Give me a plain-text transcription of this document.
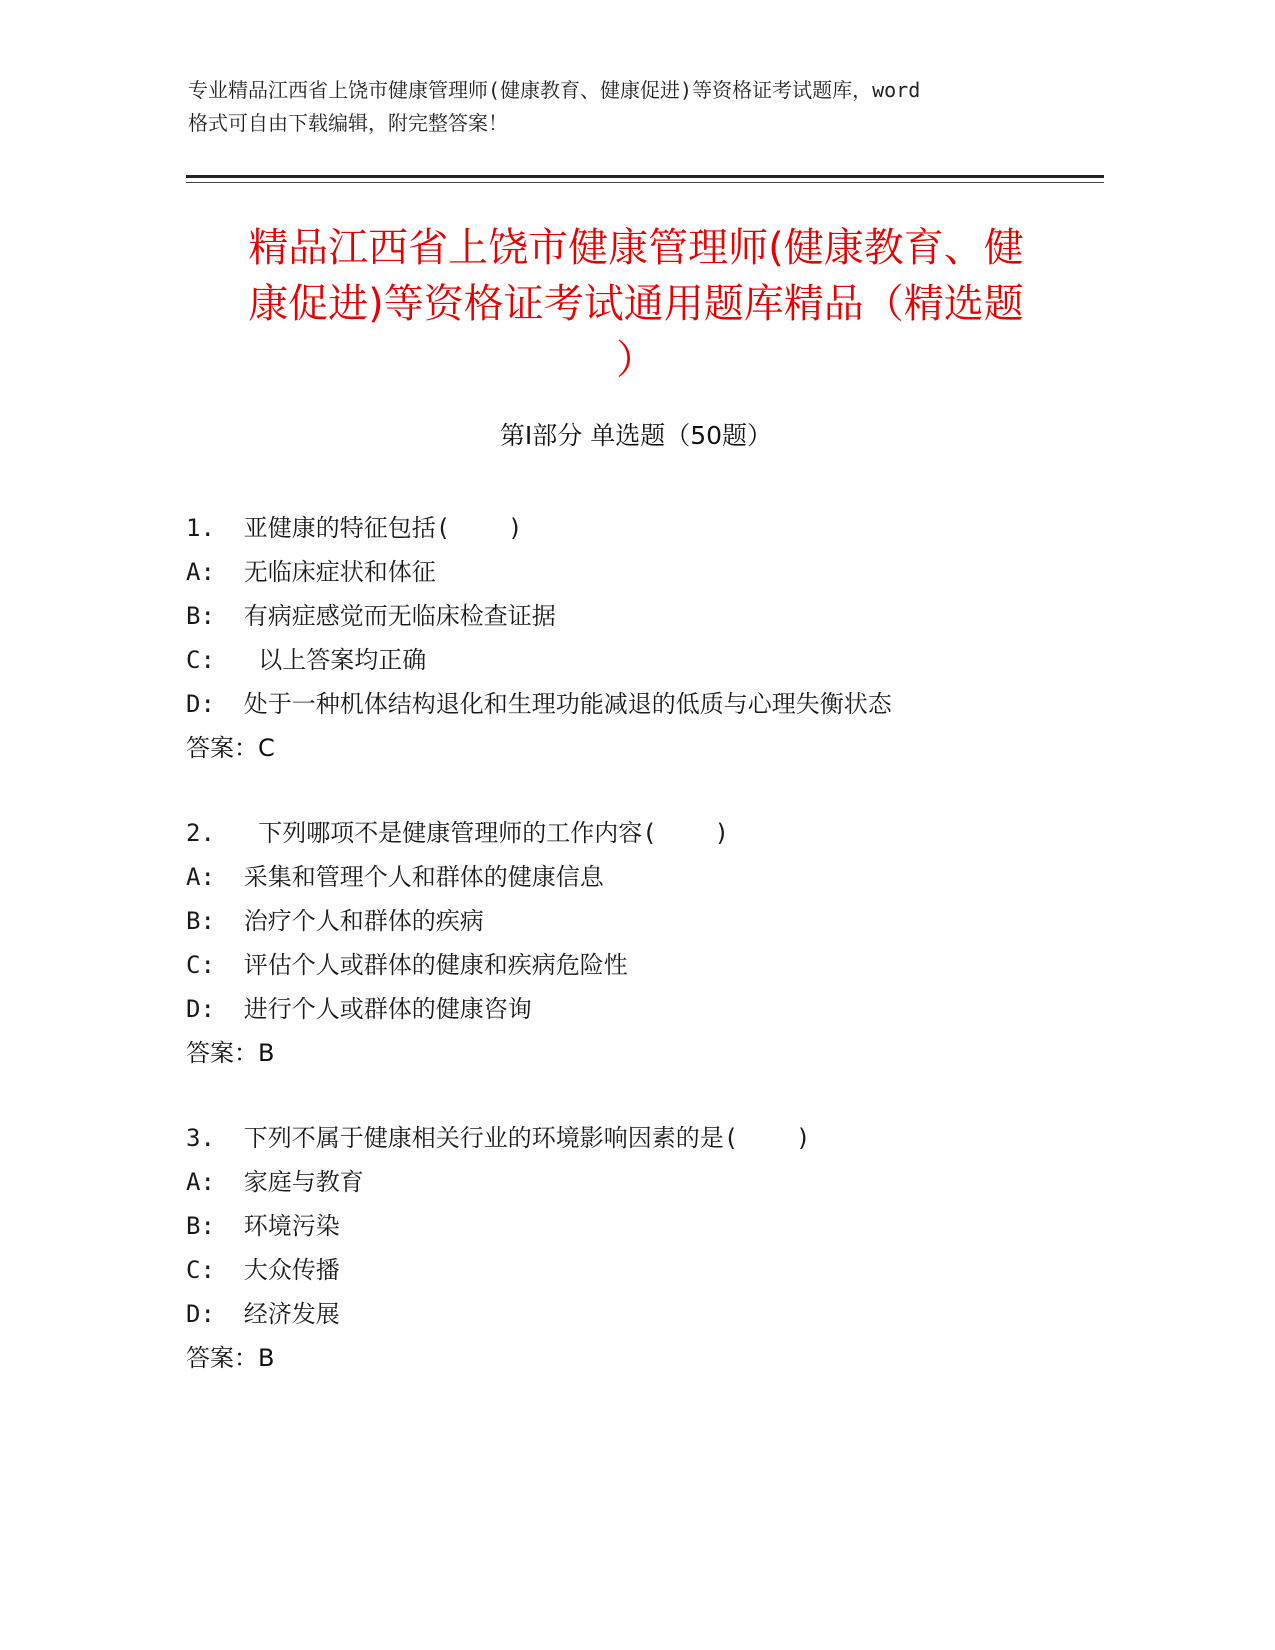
专业精品江西省上饶市健康管理师(健康教育、健康促进)等资格证考试题库，word
格式可自由下载编辑，附完整答案！
精品江西省上饶市健康管理师(健康教育、健
康促进)等资格证考试通用题库精品（精选题
）
第Ⅰ部分 单选题（50题）
1.  亚健康的特征包括(    )
A:  无临床症状和体征
B:  有病症感觉而无临床检查证据
C:   以上答案均正确
D:  处于一种机体结构退化和生理功能减退的低质与心理失衡状态
答案：C
2.   下列哪项不是健康管理师的工作内容(    )
A:  采集和管理个人和群体的健康信息
B:  治疗个人和群体的疾病
C:  评估个人或群体的健康和疾病危险性
D:  进行个人或群体的健康咨询
答案：B
3.  下列不属于健康相关行业的环境影响因素的是(    )
A:  家庭与教育
B:  环境污染
C:  大众传播
D:  经济发展
答案：B
